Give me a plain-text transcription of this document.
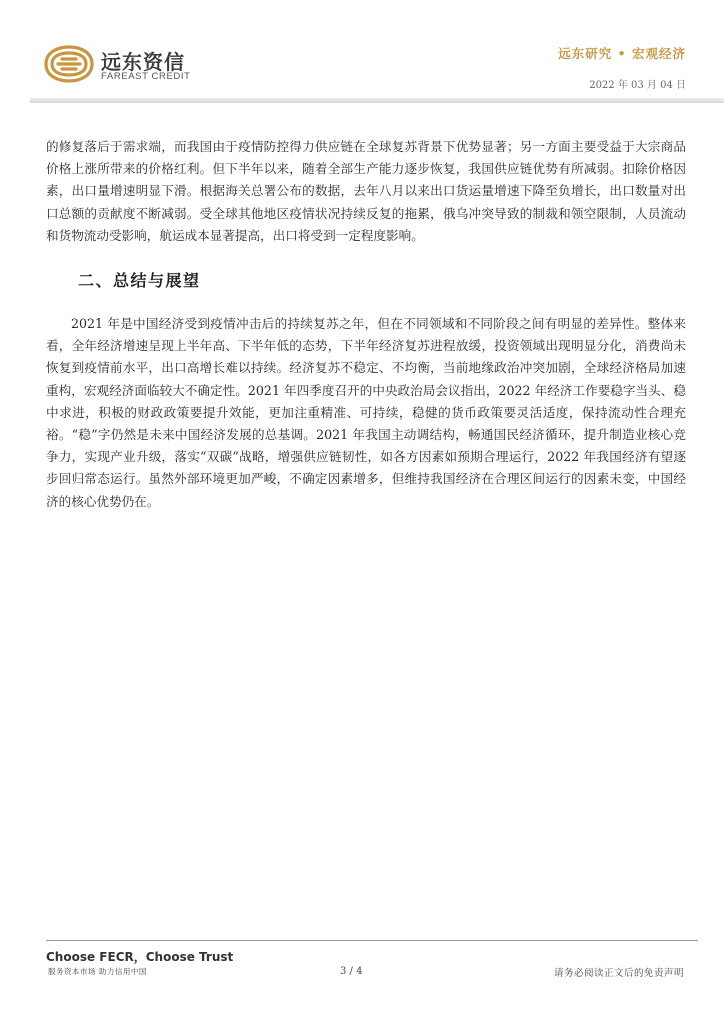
远东资信
FAREAST CREDIT
远东研究 • 宏观经济
2022 年 03 月 04 日

的修复落后于需求端，而我国由于疫情防控得力供应链在全球复苏背景下优势显著；另一方面主要受益于大宗商品价格上涨所带来的价格红利。但下半年以来，随着全部生产能力逐步恢复，我国供应链优势有所减弱。扣除价格因素，出口量增速明显下滑。根据海关总署公布的数据，去年八月以来出口货运量增速下降至负增长，出口数量对出口总额的贡献度不断减弱。受全球其他地区疫情状况持续反复的拖累，俄乌冲突导致的制裁和领空限制，人员流动和货物流动受影响，航运成本显著提高，出口将受到一定程度影响。

二、总结与展望

2021 年是中国经济受到疫情冲击后的持续复苏之年，但在不同领域和不同阶段之间有明显的差异性。整体来看，全年经济增速呈现上半年高、下半年低的态势，下半年经济复苏进程放缓，投资领域出现明显分化，消费尚未恢复到疫情前水平，出口高增长难以持续。经济复苏不稳定、不均衡，当前地缘政治冲突加剧，全球经济格局加速重构，宏观经济面临较大不确定性。2021 年四季度召开的中央政治局会议指出，2022 年经济工作要稳字当头、稳中求进，积极的财政政策要提升效能，更加注重精准、可持续，稳健的货币政策要灵活适度，保持流动性合理充裕。“稳”字仍然是未来中国经济发展的总基调。2021 年我国主动调结构，畅通国民经济循环，提升制造业核心竞争力，实现产业升级，落实“双碳”战略，增强供应链韧性，如各方因素如预期合理运行，2022 年我国经济有望逐步回归常态运行。虽然外部环境更加严峻，不确定因素增多，但维持我国经济在合理区间运行的因素未变，中国经济的核心优势仍在。

Choose FECR，Choose Trust
服务资本市场 助力信用中国	3 / 4	请务必阅读正文后的免责声明
